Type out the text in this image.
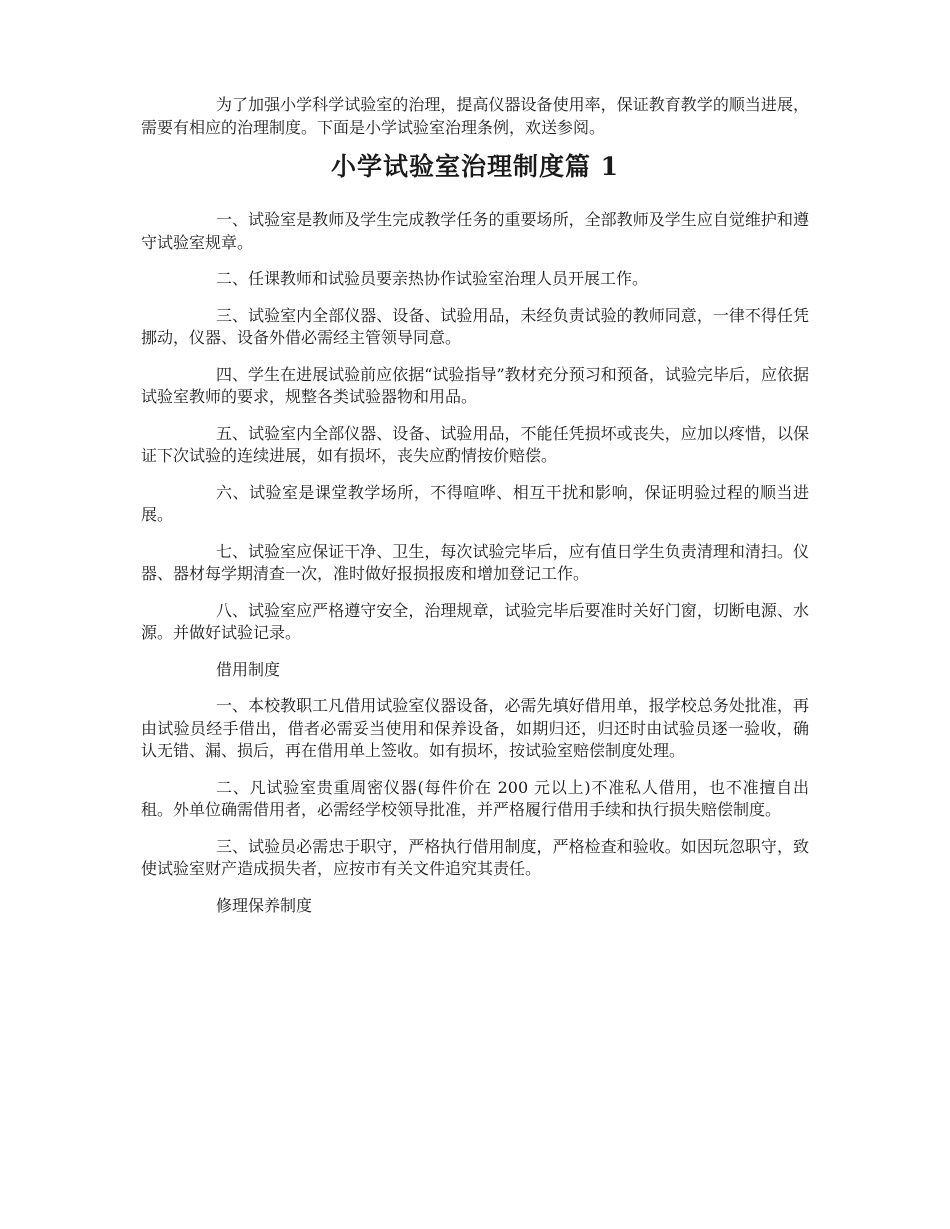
为了加强小学科学试验室的治理，提高仪器设备使用率，保证教育教学的顺当进展，需要有相应的治理制度。下面是小学试验室治理条例，欢送参阅。

小学试验室治理制度篇 1

一、试验室是教师及学生完成教学任务的重要场所，全部教师及学生应自觉维护和遵守试验室规章。

二、任课教师和试验员要亲热协作试验室治理人员开展工作。

三、试验室内全部仪器、设备、试验用品，未经负责试验的教师同意，一律不得任凭挪动，仪器、设备外借必需经主管领导同意。

四、学生在进展试验前应依据“试验指导”教材充分预习和预备，试验完毕后，应依据试验室教师的要求，规整各类试验器物和用品。

五、试验室内全部仪器、设备、试验用品，不能任凭损坏或丧失，应加以疼惜，以保证下次试验的连续进展，如有损坏，丧失应酌情按价赔偿。

六、试验室是课堂教学场所，不得喧哗、相互干扰和影响，保证明验过程的顺当进展。

七、试验室应保证干净、卫生，每次试验完毕后，应有值日学生负责清理和清扫。仪器、器材每学期清查一次，准时做好报损报废和增加登记工作。

八、试验室应严格遵守安全，治理规章，试验完毕后要准时关好门窗，切断电源、水源。并做好试验记录。

借用制度

一、本校教职工凡借用试验室仪器设备，必需先填好借用单，报学校总务处批准，再由试验员经手借出，借者必需妥当使用和保养设备，如期归还，归还时由试验员逐一验收，确认无错、漏、损后，再在借用单上签收。如有损坏，按试验室赔偿制度处理。

二、凡试验室贵重周密仪器(每件价在 200 元以上)不准私人借用，也不准擅自出租。外单位确需借用者，必需经学校领导批准，并严格履行借用手续和执行损失赔偿制度。

三、试验员必需忠于职守，严格执行借用制度，严格检查和验收。如因玩忽职守，致使试验室财产造成损失者，应按市有关文件追究其责任。

修理保养制度
